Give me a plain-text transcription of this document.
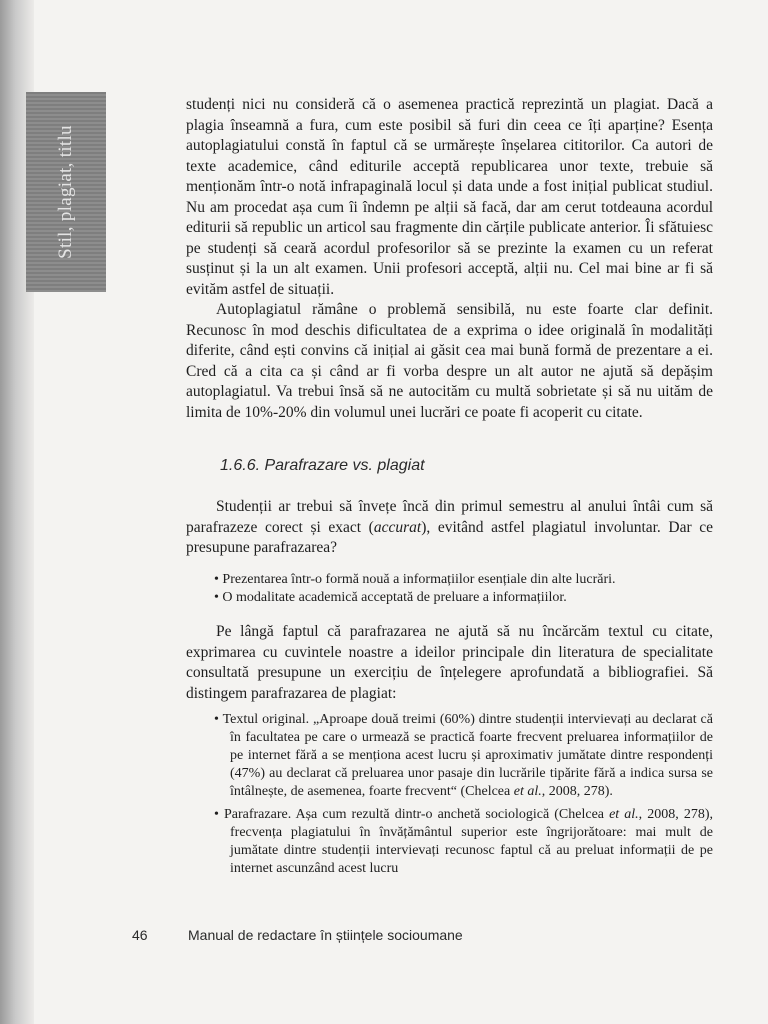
Stil, plagiat, titlu

studenți nici nu consideră că o asemenea practică reprezintă un plagiat. Dacă a plagia înseamnă a fura, cum este posibil să furi din ceea ce îți aparține? Esența autoplagiatului constă în faptul că se urmărește înșelarea cititorilor. Ca autori de texte academice, când editurile acceptă republicarea unor texte, trebuie să menționăm într-o notă infrapaginală locul și data unde a fost inițial publicat studiul. Nu am procedat așa cum îi îndemn pe alții să facă, dar am cerut totdeauna acordul editurii să republic un articol sau fragmente din cărțile publicate anterior. Îi sfătuiesc pe studenți să ceară acordul profesorilor să se prezinte la examen cu un referat susținut și la un alt examen. Unii profesori acceptă, alții nu. Cel mai bine ar fi să evităm astfel de situații.

Autoplagiatul rămâne o problemă sensibilă, nu este foarte clar definit. Recunosc în mod deschis dificultatea de a exprima o idee originală în modalități diferite, când ești convins că inițial ai găsit cea mai bună formă de prezentare a ei. Cred că a cita ca și când ar fi vorba despre un alt autor ne ajută să depășim autoplagiatul. Va trebui însă să ne autocităm cu multă sobrietate și să nu uităm de limita de 10%-20% din volumul unei lucrări ce poate fi acoperit cu citate.

1.6.6. Parafrazare vs. plagiat

Studenții ar trebui să învețe încă din primul semestru al anului întâi cum să parafrazeze corect și exact (accurat), evitând astfel plagiatul involuntar. Dar ce presupune parafrazarea?

• Prezentarea într-o formă nouă a informațiilor esențiale din alte lucrări.

• O modalitate academică acceptată de preluare a informațiilor.

Pe lângă faptul că parafrazarea ne ajută să nu încărcăm textul cu citate, exprimarea cu cuvintele noastre a ideilor principale din literatura de specialitate consultată presupune un exercițiu de înțelegere aprofundată a bibliografiei. Să distingem parafrazarea de plagiat:

• Textul original. „Aproape două treimi (60%) dintre studenții intervievați au declarat că în facultatea pe care o urmează se practică foarte frecvent preluarea informațiilor de pe internet fără a se menționa acest lucru și aproximativ jumătate dintre respondenți (47%) au declarat că preluarea unor pasaje din lucrările tipărite fără a indica sursa se întâlnește, de asemenea, foarte frecvent“ (Chelcea et al., 2008, 278).

• Parafrazare. Așa cum rezultă dintr-o anchetă sociologică (Chelcea et al., 2008, 278), frecvența plagiatului în învățământul superior este îngrijorătoare: mai mult de jumătate dintre studenții intervievați recunosc faptul că au preluat informații de pe internet ascunzând acest lucru

46	Manual de redactare în științele socioumane
